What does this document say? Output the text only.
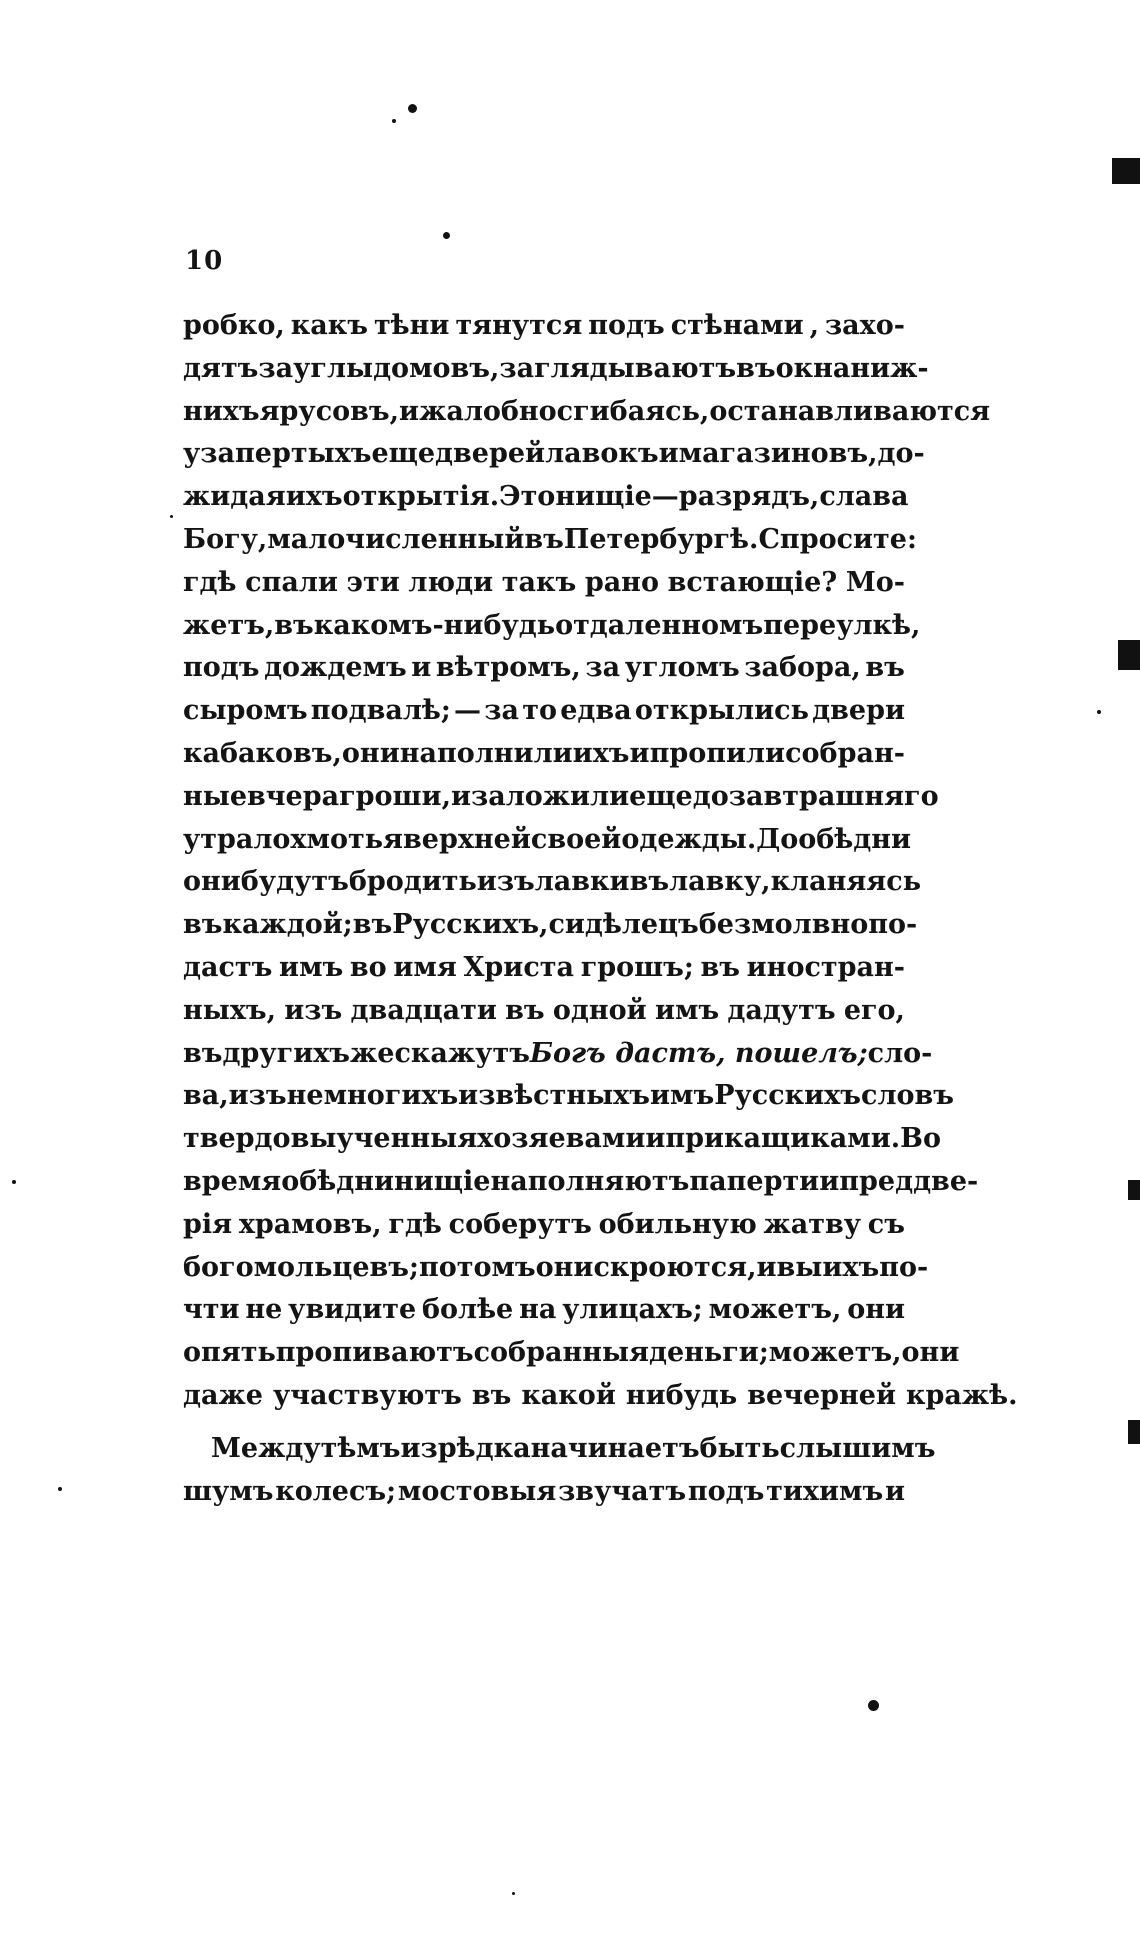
10
робко, какъ тѣни тянутся подъ стѣнами , захо-
дятъ за углы домовъ, заглядываютъ въ окна ниж-
нихъ ярусовъ, и жалобно сгибаясь, останавливаются
у запертыхъ еще дверей лавокъ и магазиновъ, до-
жидая ихъ открытія. Это нищіе — разрядъ, слава
Богу, малочисленный въ Петербургѣ. Спросите:
гдѣ спали эти люди такъ рано встающіе? Мо-
жетъ, въ какомъ-нибудь отдаленномъ переулкѣ,
подъ дождемъ и вѣтромъ, за угломъ забора, въ
сыромъ подвалѣ; — за то едва открылись двери
кабаковъ , они наполнили ихъ и пропили собран-
ные вчера гроши, и заложили еще до завтрашняго
утра лохмотья верхней своей одежды. До обѣдни
они будутъ бродить изъ лавки въ лавку, кланяясь
въ каждой; въ Русскихъ , сидѣлецъ безмолвно по-
дастъ имъ во имя Христа грошъ; въ иностран-
ныхъ, изъ двадцати въ одной имъ дадутъ его,
въ другихъ же скажутъ Богъ дастъ, пошелъ; сло-
ва, изъ немногихъ извѣстныхъ имъ Русскихъ словъ
твердо выученныя хозяевами и прикащиками. Во
время обѣдни нищіе наполняютъ паперти и преддве-
рія храмовъ, гдѣ соберутъ обильную жатву съ
богомольцевъ; потомъ они скроются, и вы ихъ по-
чти не увидите болѣе на улицахъ; можетъ, они
опять пропиваютъ собранныя деньги; можетъ, они
даже участвуютъ въ какой нибудь вечерней кражѣ.
Между тѣмъ изрѣдка начинаетъ быть слышимъ
шумъ колесъ; мостовыя звучатъ подъ тихимъ и
